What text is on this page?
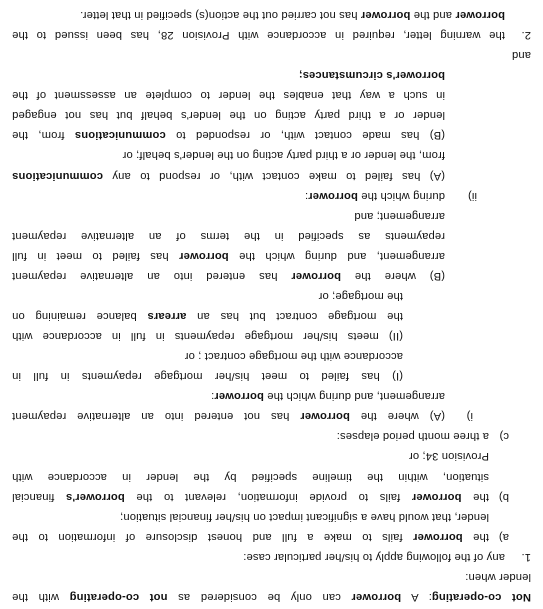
Not co-operating: A borrower can only be considered as not co-operating with the
lender when:
1.
any of the following apply to his/her particular case:
a)
the borrower fails to make a full and honest disclosure of information to the
lender, that would have a significant impact on his/her financial situation;
b)
the borrower fails to provide information, relevant to the borrower's financial
situation, within the timeline specified by the lender in accordance with
Provision 34; or
c)
a three month period elapses:
i)
(A) where the borrower has not entered into an alternative repayment
arrangement, and during which the borrower:
(I) has failed to meet his/her mortgage repayments in full in
accordance with the mortgage contract ; or
(II) meets his/her mortgage repayments in full in accordance with
the mortgage contract but has an arrears balance remaining on
the mortgage; or
(B) where the borrower has entered into an alternative repayment
arrangement, and during which the borrower has failed to meet in full
repayments as specified in the terms of an alternative repayment
arrangement; and
ii)
during which the borrower:
(A) has failed to make contact with, or respond to any communications
from, the lender or a third party acting on the lender's behalf; or
(B) has made contact with, or responded to communications from, the
lender or a third party acting on the lender's behalf but has not engaged
in such a way that enables the lender to complete an assessment of the
borrower's circumstances;
and
2.
the warning letter, required in accordance with Provision 28, has been issued to the
borrower and the borrower has not carried out the action(s) specified in that letter.
